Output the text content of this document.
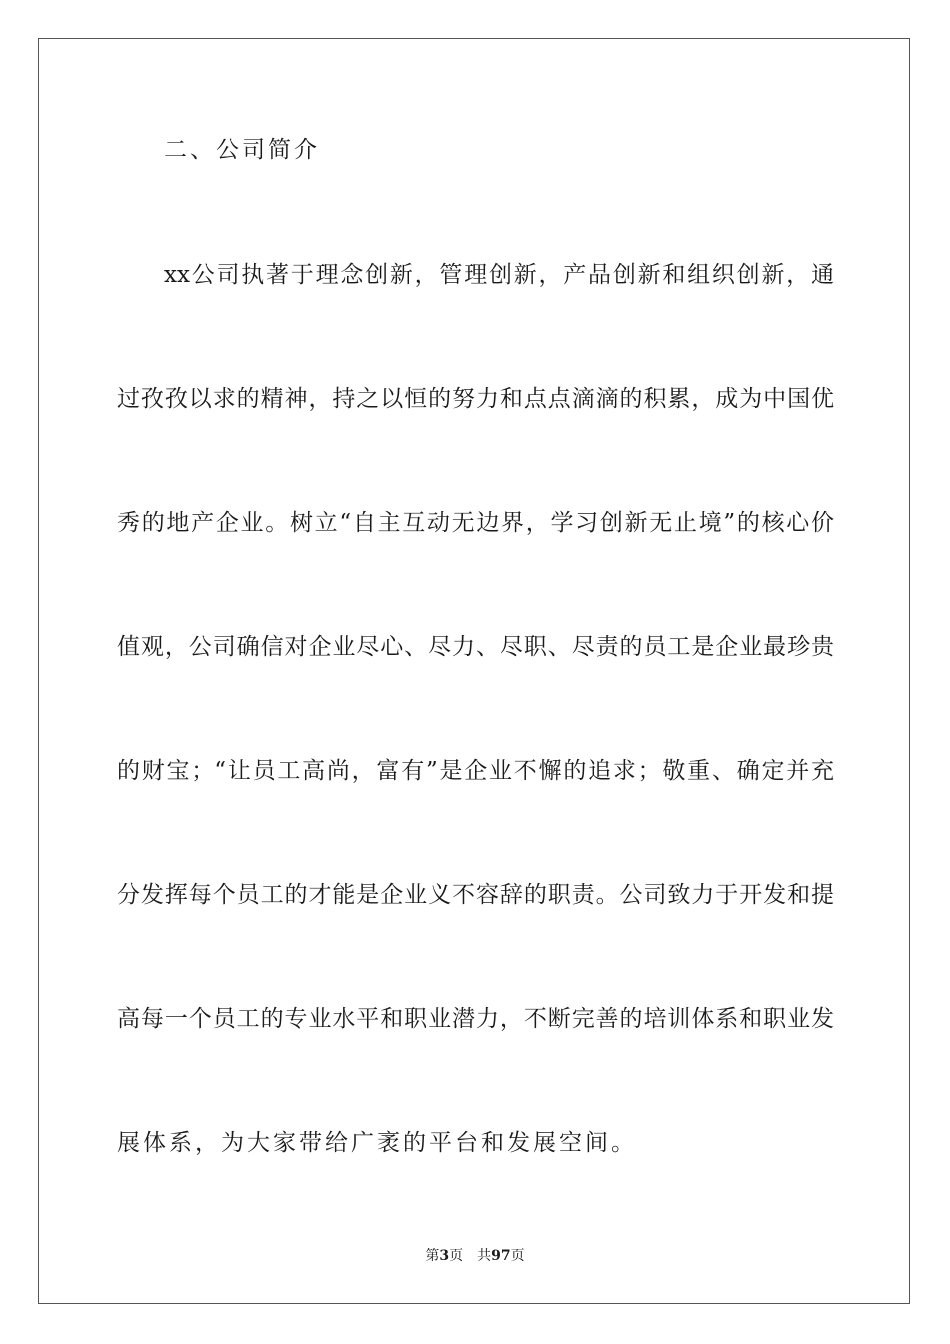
二、公司简介
xx公司执著于理念创新，管理创新，产品创新和组织创新，通
过孜孜以求的精神，持之以恒的努力和点点滴滴的积累，成为中国优
秀的地产企业。树立“自主互动无边界，学习创新无止境”的核心价
值观，公司确信对企业尽心、尽力、尽职、尽责的员工是企业最珍贵
的财宝；“让员工高尚，富有”是企业不懈的追求；敬重、确定并充
分发挥每个员工的才能是企业义不容辞的职责。公司致力于开发和提
高每一个员工的专业水平和职业潜力，不断完善的培训体系和职业发
展体系，为大家带给广袤的平台和发展空间。
第3页 共97页
